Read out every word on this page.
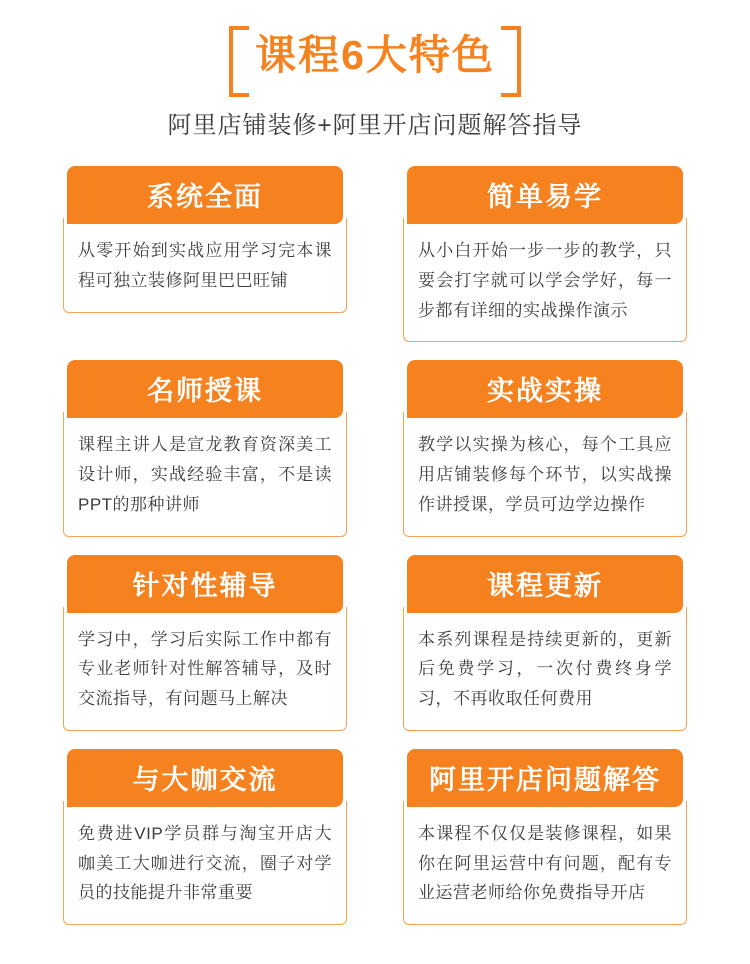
课程6大特色
阿里店铺装修+阿里开店问题解答指导
系统全面

从零开始到实战应用学习完本课程可独立装修阿里巴巴旺铺

简单易学

从小白开始一步一步的教学，只要会打字就可以学会学好，每一步都有详细的实战操作演示

名师授课

课程主讲人是宣龙教育资深美工设计师，实战经验丰富，不是读PPT的那种讲师

实战实操

教学以实操为核心，每个工具应用店铺装修每个环节，以实战操作讲授课，学员可边学边操作

针对性辅导

学习中，学习后实际工作中都有专业老师针对性解答辅导，及时交流指导，有问题马上解决

课程更新

本系列课程是持续更新的，更新后免费学习，一次付费终身学习，不再收取任何费用

与大咖交流

免费进VIP学员群与淘宝开店大咖美工大咖进行交流，圈子对学员的技能提升非常重要

阿里开店问题解答

本课程不仅仅是装修课程，如果你在阿里运营中有问题，配有专业运营老师给你免费指导开店
